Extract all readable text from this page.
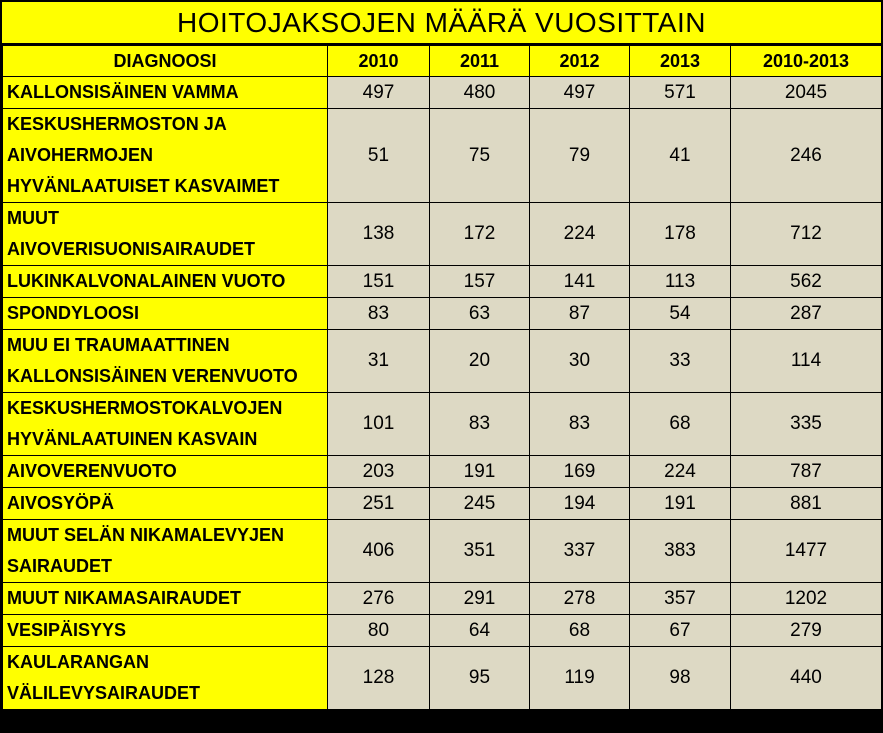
HOITOJAKSOJEN MÄÄRÄ VUOSITTAIN
DIAGNOOSI	2010	2011	2012	2013	2010-2013

KALLONSISÄINEN VAMMA	497	480	497	571	2045

KESKUSHERMOSTON JA
AIVOHERMOJEN
HYVÄNLAATUISET KASVAIMET	51	75	79	41	246

MUUT
AIVOVERISUONISAIRAUDET	138	172	224	178	712

LUKINKALVONALAINEN VUOTO	151	157	141	113	562

SPONDYLOOSI	83	63	87	54	287

MUU EI TRAUMAATTINEN
KALLONSISÄINEN VERENVUOTO	31	20	30	33	114

KESKUSHERMOSTOKALVOJEN
HYVÄNLAATUINEN KASVAIN	101	83	83	68	335

AIVOVERENVUOTO	203	191	169	224	787

AIVOSYÖPÄ	251	245	194	191	881

MUUT SELÄN NIKAMALEVYJEN
SAIRAUDET	406	351	337	383	1477

MUUT NIKAMASAIRAUDET	276	291	278	357	1202

VESIPÄISYYS	80	64	68	67	279

KAULARANGAN
VÄLILEVYSAIRAUDET	128	95	119	98	440
